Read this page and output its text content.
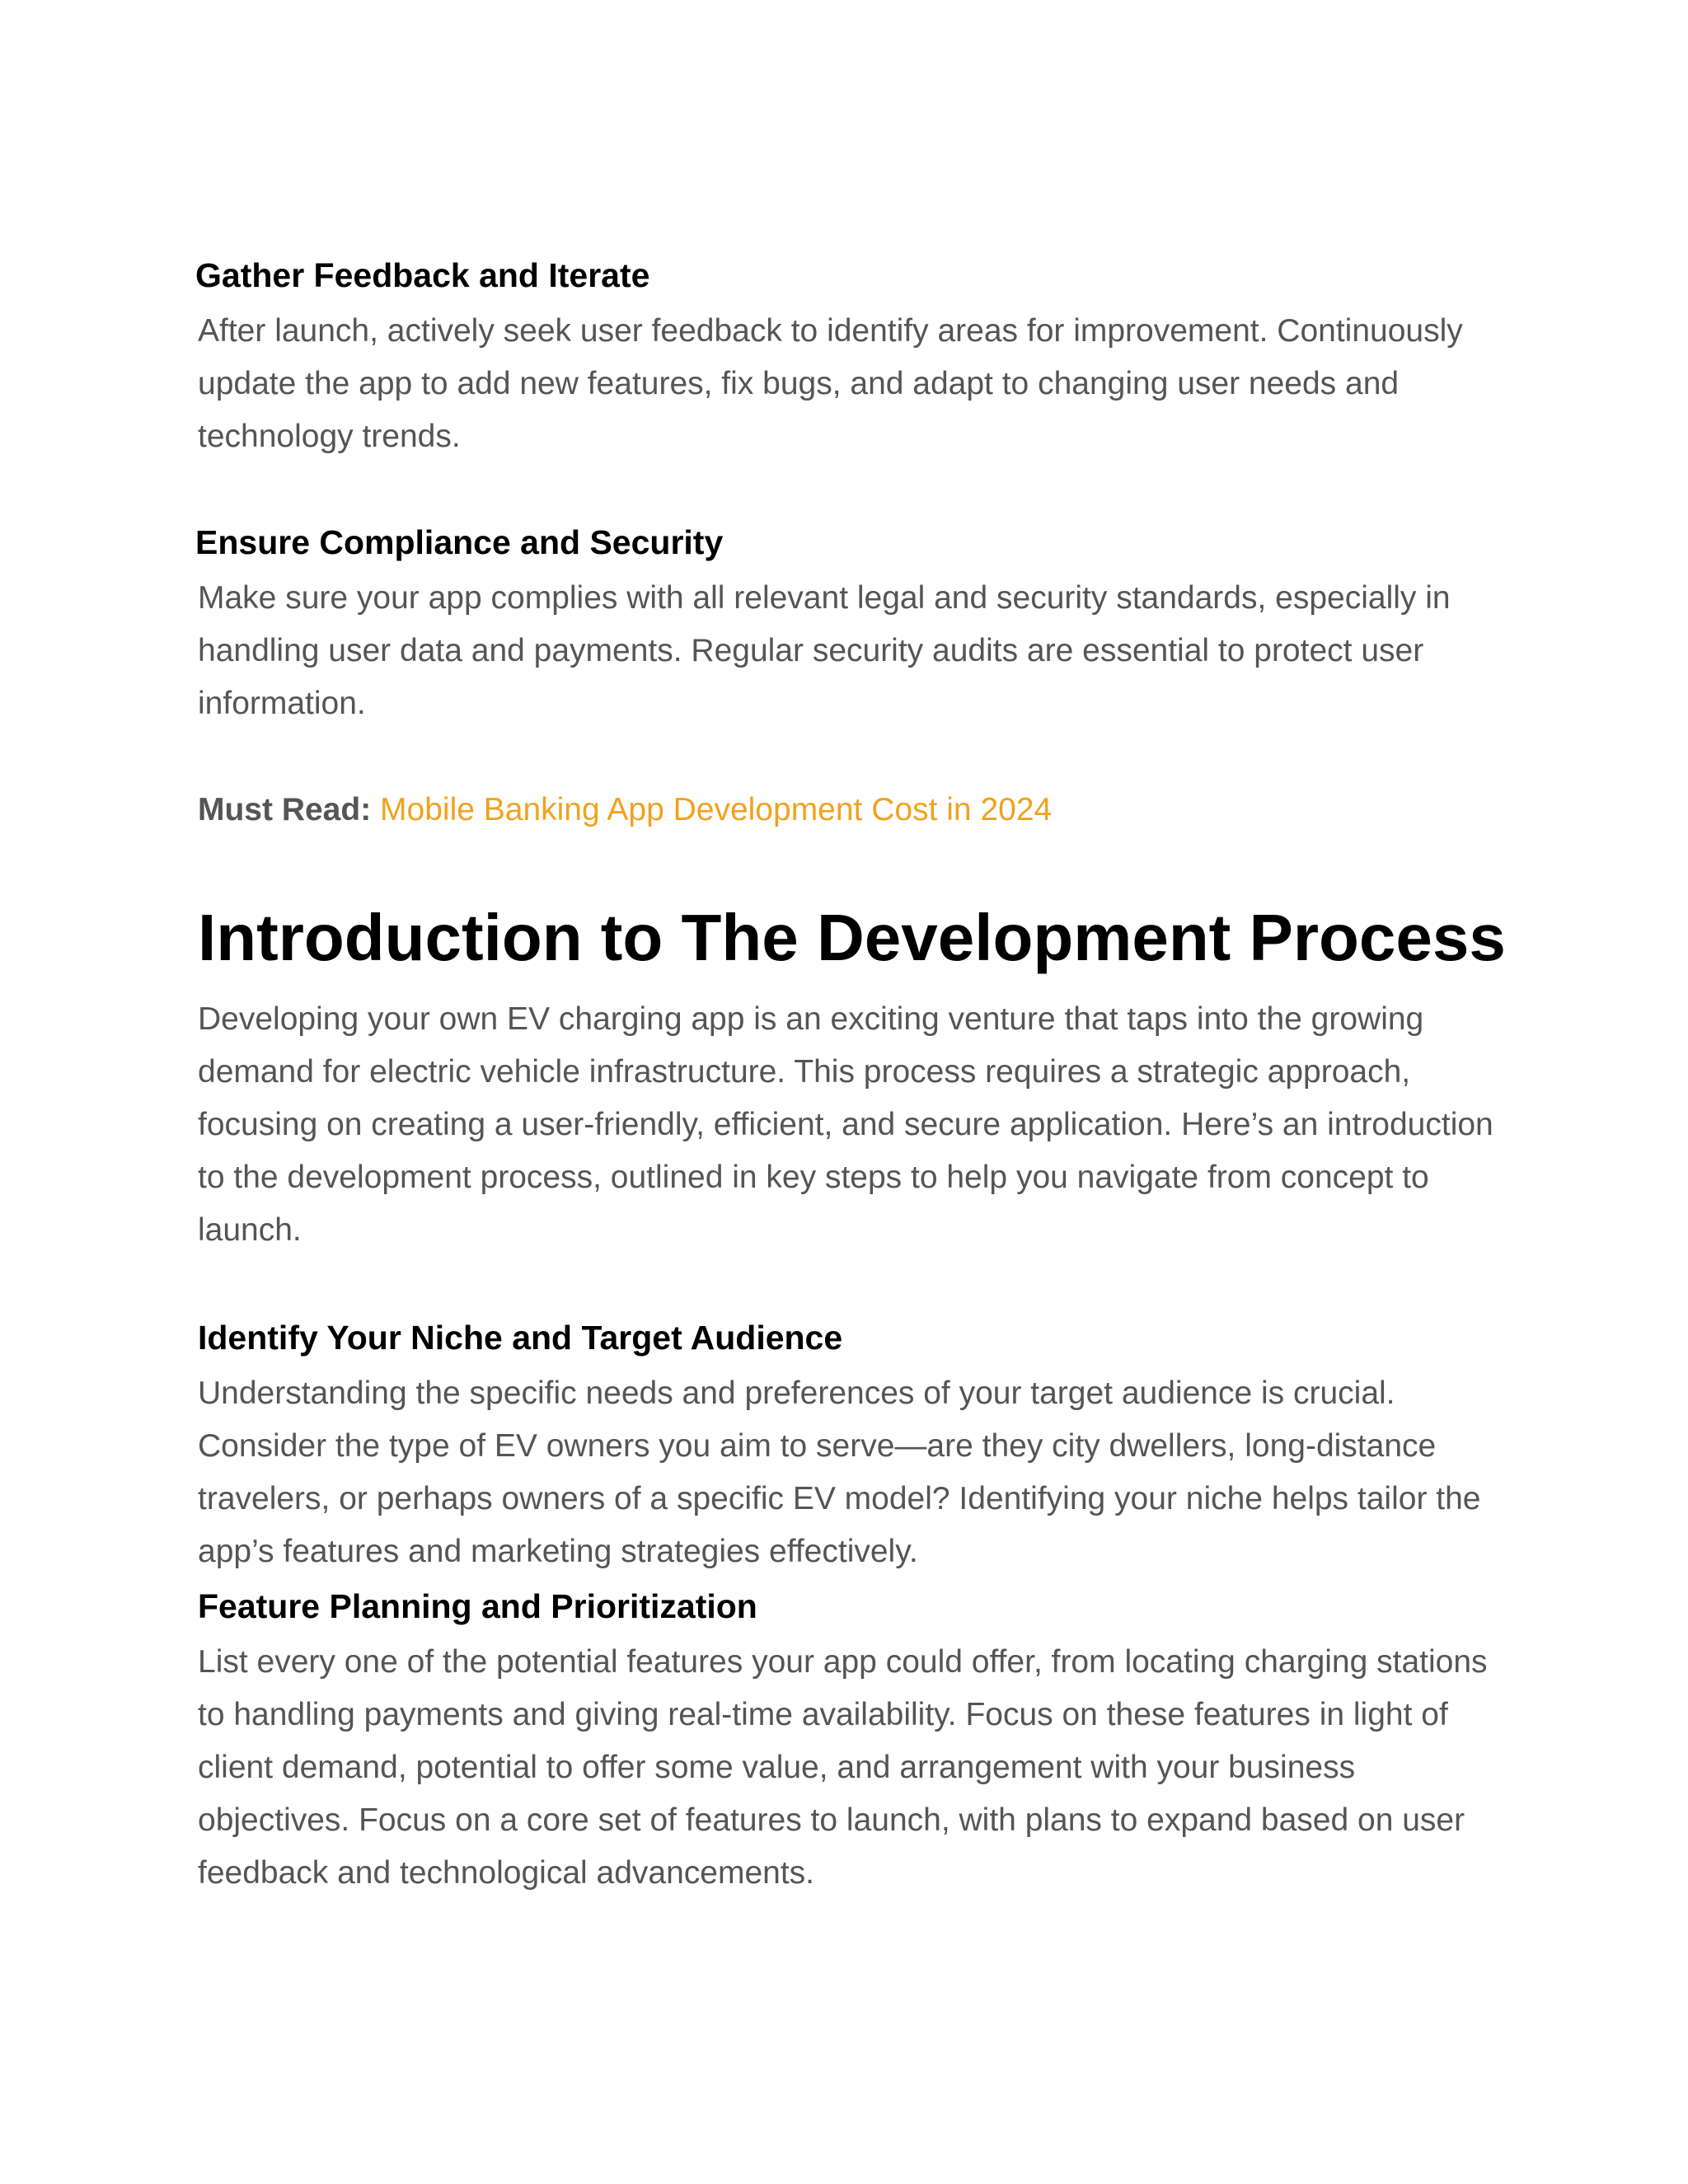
Gather Feedback and Iterate

After launch, actively seek user feedback to identify areas for improvement. Continuously update the app to add new features, fix bugs, and adapt to changing user needs and technology trends.

Ensure Compliance and Security

Make sure your app complies with all relevant legal and security standards, especially in handling user data and payments. Regular security audits are essential to protect user information.

Must Read: Mobile Banking App Development Cost in 2024

Introduction to The Development Process

Developing your own EV charging app is an exciting venture that taps into the growing demand for electric vehicle infrastructure. This process requires a strategic approach, focusing on creating a user-friendly, efficient, and secure application. Here’s an introduction to the development process, outlined in key steps to help you navigate from concept to launch.

Identify Your Niche and Target Audience

Understanding the specific needs and preferences of your target audience is crucial. Consider the type of EV owners you aim to serve—are they city dwellers, long-distance travelers, or perhaps owners of a specific EV model? Identifying your niche helps tailor the app’s features and marketing strategies effectively.

Feature Planning and Prioritization

List every one of the potential features your app could offer, from locating charging stations to handling payments and giving real-time availability. Focus on these features in light of client demand, potential to offer some value, and arrangement with your business objectives. Focus on a core set of features to launch, with plans to expand based on user feedback and technological advancements.
